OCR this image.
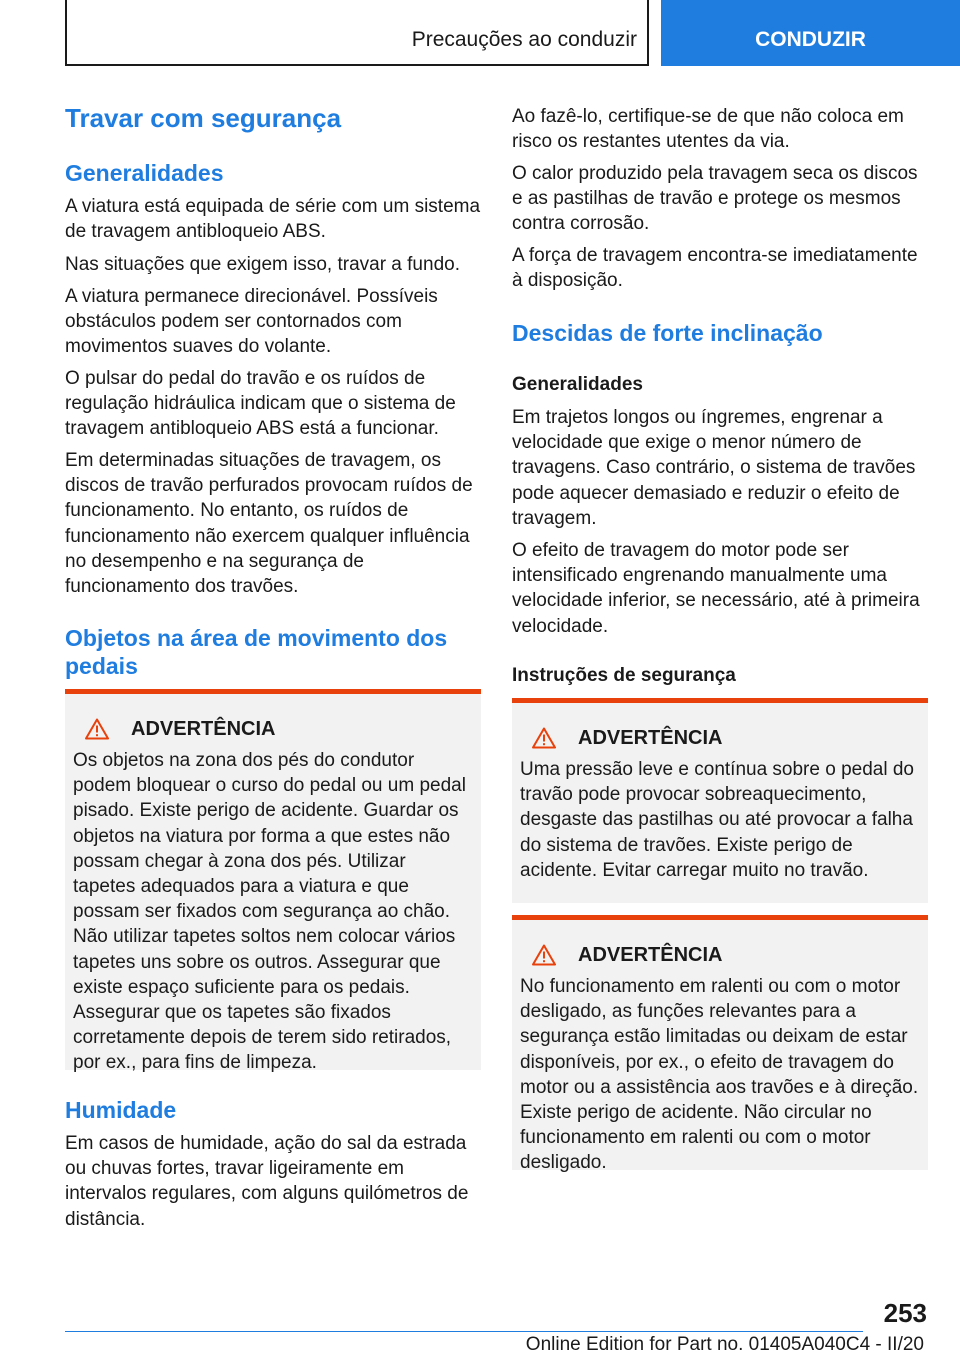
Precauções ao conduzir	CONDUZIR
Travar com segurança
Generalidades
A viatura está equipada de série com um sistema de travagem antibloqueio ABS.
Nas situações que exigem isso, travar a fundo.
A viatura permanece direcionável. Possíveis obstáculos podem ser contornados com movimentos suaves do volante.
O pulsar do pedal do travão e os ruídos de regulação hidráulica indicam que o sistema de travagem antibloqueio ABS está a funcionar.
Em determinadas situações de travagem, os discos de travão perfurados provocam ruídos de funcionamento. No entanto, os ruídos de funcionamento não exercem qualquer influência no desempenho e na segurança de funcionamento dos travões.
Objetos na área de movimento dos pedais
ADVERTÊNCIA
Os objetos na zona dos pés do condutor podem bloquear o curso do pedal ou um pedal pisado. Existe perigo de acidente. Guardar os objetos na viatura por forma a que estes não possam chegar à zona dos pés. Utilizar tapetes adequados para a viatura e que possam ser fixados com segurança ao chão. Não utilizar tapetes soltos nem colocar vários tapetes uns sobre os outros. Assegurar que existe espaço suficiente para os pedais. Assegurar que os tapetes são fixados corretamente depois de terem sido retirados, por ex., para fins de limpeza.
Humidade
Em casos de humidade, ação do sal da estrada ou chuvas fortes, travar ligeiramente em intervalos regulares, com alguns quilómetros de distância.
Ao fazê-lo, certifique-se de que não coloca em risco os restantes utentes da via.
O calor produzido pela travagem seca os discos e as pastilhas de travão e protege os mesmos contra corrosão.
A força de travagem encontra-se imediatamente à disposição.
Descidas de forte inclinação
Generalidades
Em trajetos longos ou íngremes, engrenar a velocidade que exige o menor número de travagens. Caso contrário, o sistema de travões pode aquecer demasiado e reduzir o efeito de travagem.
O efeito de travagem do motor pode ser intensificado engrenando manualmente uma velocidade inferior, se necessário, até à primeira velocidade.
Instruções de segurança
ADVERTÊNCIA
Uma pressão leve e contínua sobre o pedal do travão pode provocar sobreaquecimento, desgaste das pastilhas ou até provocar a falha do sistema de travões. Existe perigo de acidente. Evitar carregar muito no travão.
ADVERTÊNCIA
No funcionamento em ralenti ou com o motor desligado, as funções relevantes para a segurança estão limitadas ou deixam de estar disponíveis, por ex., o efeito de travagem do motor ou a assistência aos travões e à direção. Existe perigo de acidente. Não circular no funcionamento em ralenti ou com o motor desligado.
253
Online Edition for Part no. 01405A040C4 - II/20
